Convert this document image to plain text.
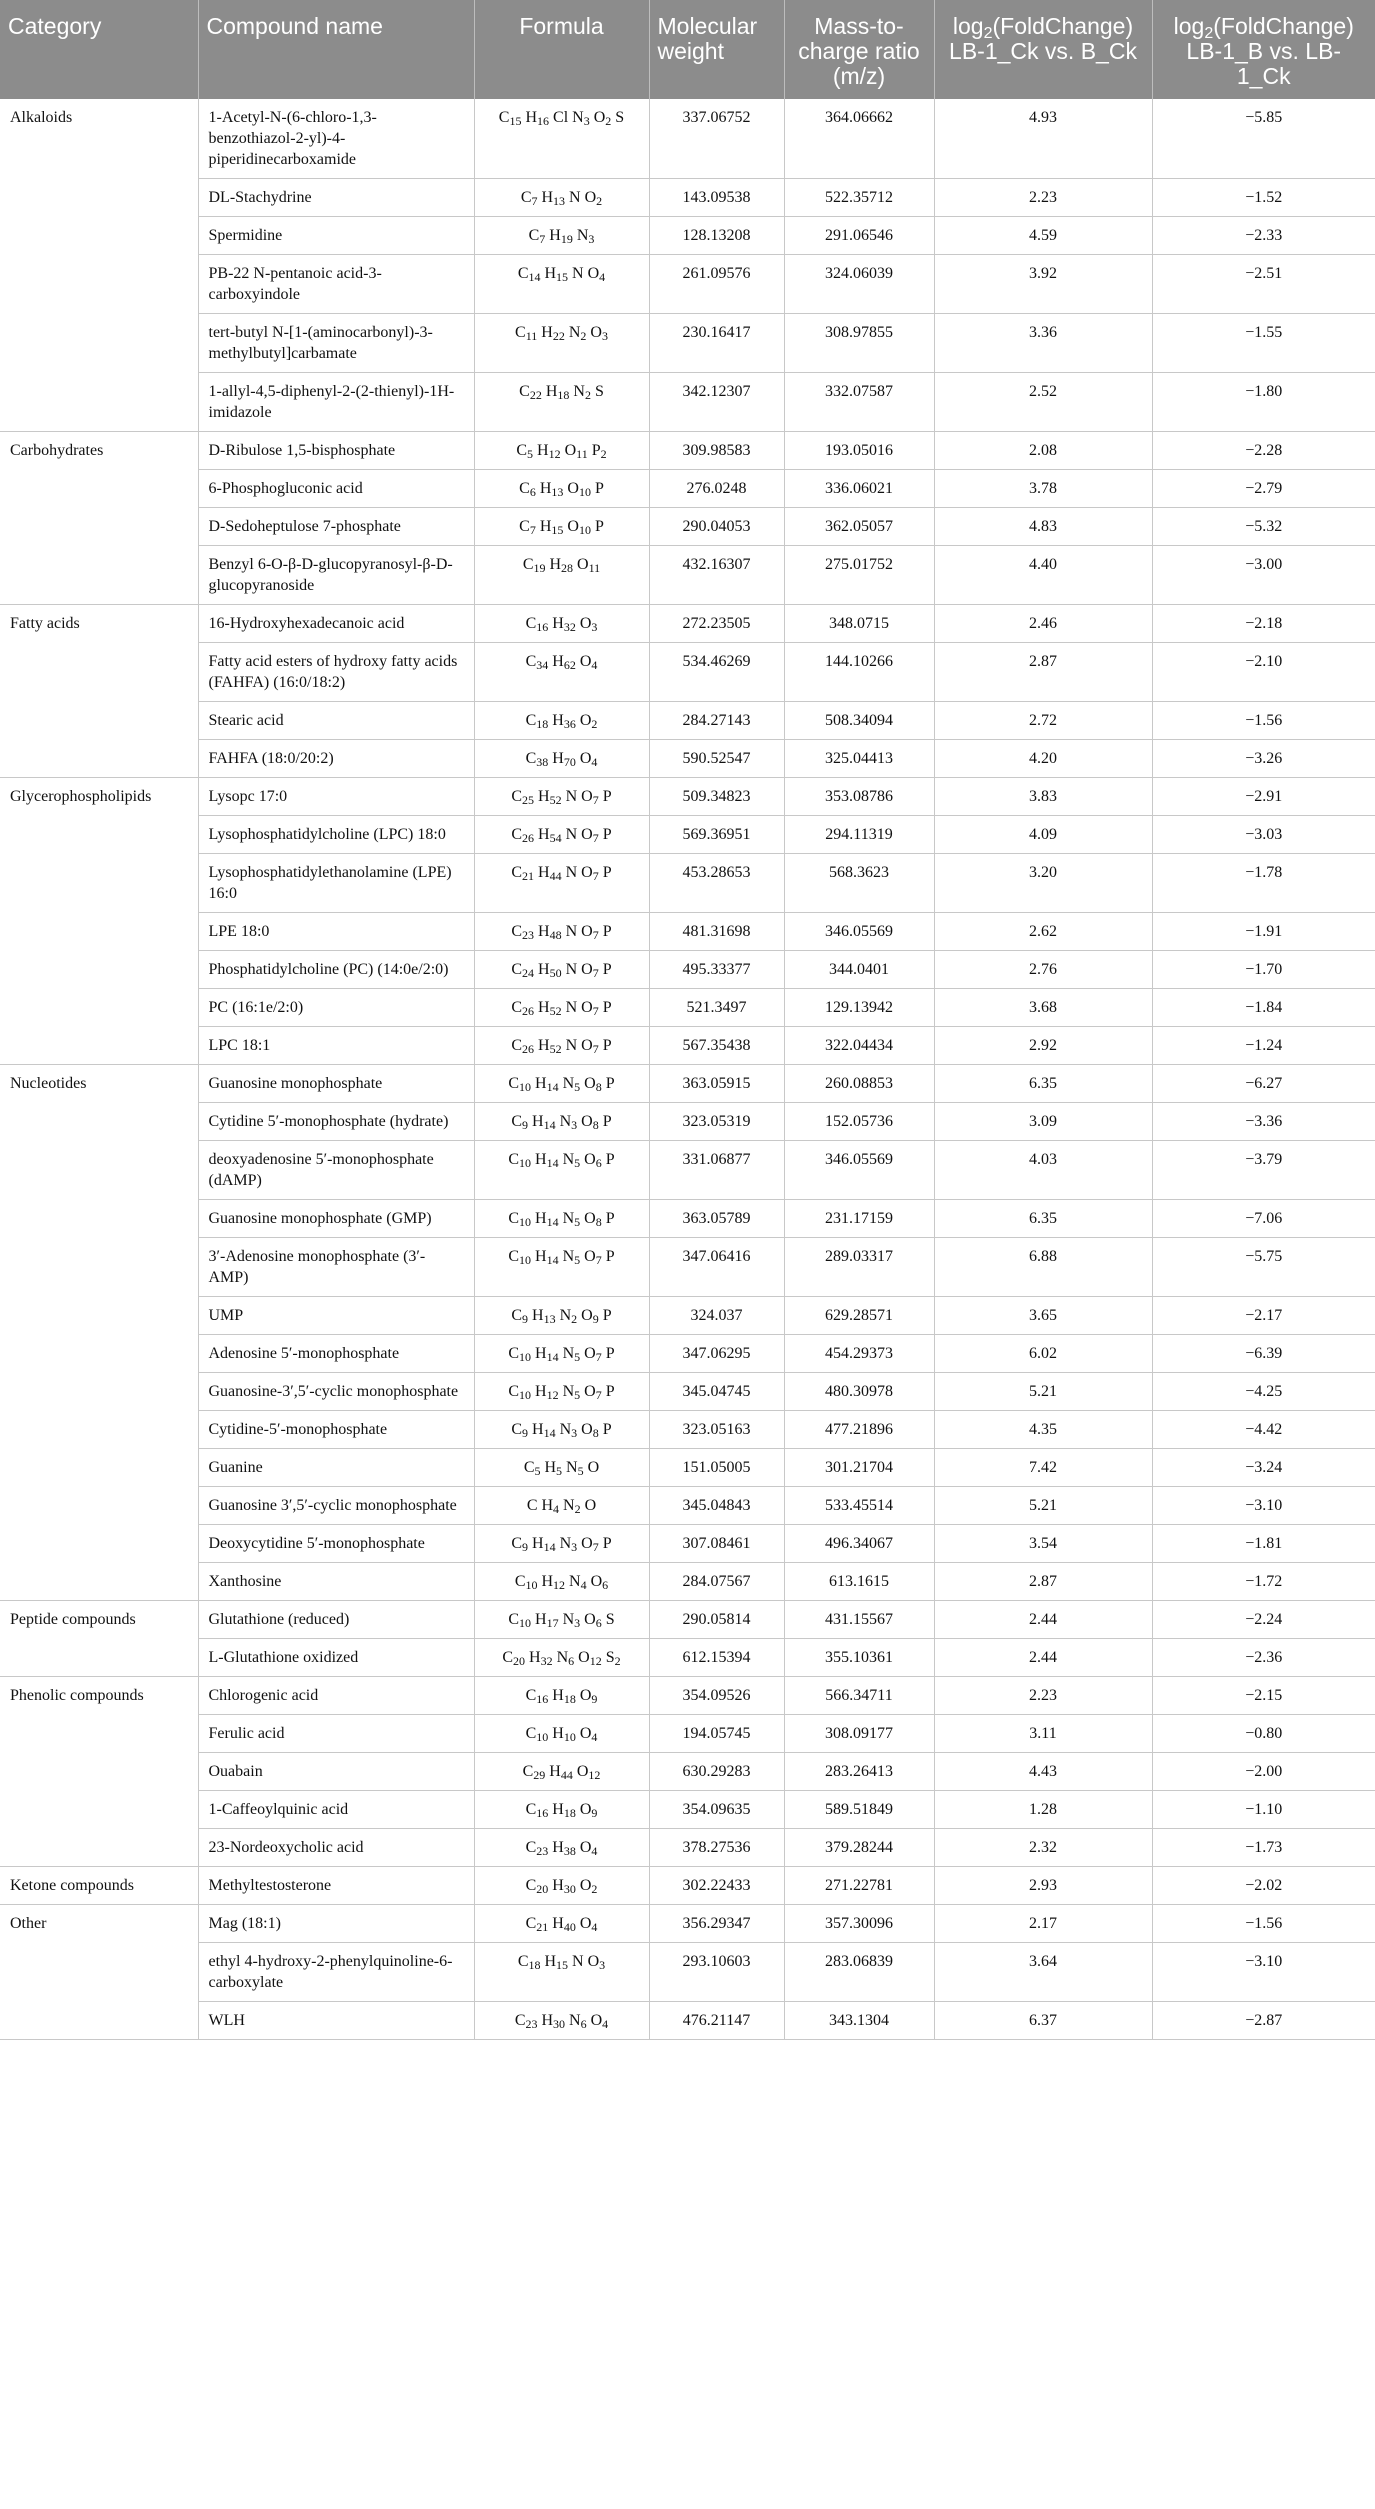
Category	Compound name	Formula	Molecular weight	Mass-to-charge ratio (m/z)	$\log_2(FoldChange)$ LB-1_Ck vs. B_Ck	$\log_2(FoldChange)$ LB-1_B vs. LB-1_Ck
Alkaloids	1-Acetyl-N-(6-chloro-1,3-benzothiazol-2-yl)-4-piperidinecarboxamide	$C_{15}$ $H_{16}$ Cl $N_3$ $O_2$ S	337.06752	364.06662	4.93	−5.85
	DL-Stachydrine	$C_7$ $H_{13}$ N $O_2$	143.09538	522.35712	2.23	−1.52
	Spermidine	$C_7$ $H_{19}$ $N_3$	128.13208	291.06546	4.59	−2.33
	PB-22 N-pentanoic acid-3-carboxyindole	$C_{14}$ $H_{15}$ N $O_4$	261.09576	324.06039	3.92	−2.51
	tert-butyl N-[1-(aminocarbonyl)-3-methylbutyl]carbamate	$C_{11}$ $H_{22}$ $N_2$ $O_3$	230.16417	308.97855	3.36	−1.55
	1-allyl-4,5-diphenyl-2-(2-thienyl)-1H-imidazole	$C_{22}$ $H_{18}$ $N_2$ S	342.12307	332.07587	2.52	−1.80
Carbohydrates	D-Ribulose 1,5-bisphosphate	$C_5$ $H_{12}$ $O_{11}$ $P_2$	309.98583	193.05016	2.08	−2.28
	6-Phosphogluconic acid	$C_6$ $H_{13}$ $O_{10}$ P	276.0248	336.06021	3.78	−2.79
	D-Sedoheptulose 7-phosphate	$C_7$ $H_{15}$ $O_{10}$ P	290.04053	362.05057	4.83	−5.32
	Benzyl 6-O-β-D-glucopyranosyl-β-D-glucopyranoside	$C_{19}$ $H_{28}$ $O_{11}$	432.16307	275.01752	4.40	−3.00
Fatty acids	16-Hydroxyhexadecanoic acid	$C_{16}$ $H_{32}$ $O_3$	272.23505	348.0715	2.46	−2.18
	Fatty acid esters of hydroxy fatty acids (FAHFA) (16:0/18:2)	$C_{34}$ $H_{62}$ $O_4$	534.46269	144.10266	2.87	−2.10
	Stearic acid	$C_{18}$ $H_{36}$ $O_2$	284.27143	508.34094	2.72	−1.56
	FAHFA (18:0/20:2)	$C_{38}$ $H_{70}$ $O_4$	590.52547	325.04413	4.20	−3.26
Glycerophospholipids	Lysopc 17:0	$C_{25}$ $H_{52}$ N $O_7$ P	509.34823	353.08786	3.83	−2.91
	Lysophosphatidylcholine (LPC) 18:0	$C_{26}$ $H_{54}$ N $O_7$ P	569.36951	294.11319	4.09	−3.03
	Lysophosphatidylethanolamine (LPE) 16:0	$C_{21}$ $H_{44}$ N $O_7$ P	453.28653	568.3623	3.20	−1.78
	LPE 18:0	$C_{23}$ $H_{48}$ N $O_7$ P	481.31698	346.05569	2.62	−1.91
	Phosphatidylcholine (PC) (14:0e/2:0)	$C_{24}$ $H_{50}$ N $O_7$ P	495.33377	344.0401	2.76	−1.70
	PC (16:1e/2:0)	$C_{26}$ $H_{52}$ N $O_7$ P	521.3497	129.13942	3.68	−1.84
	LPC 18:1	$C_{26}$ $H_{52}$ N $O_7$ P	567.35438	322.04434	2.92	−1.24
Nucleotides	Guanosine monophosphate	$C_{10}$ $H_{14}$ $N_5$ $O_8$ P	363.05915	260.08853	6.35	−6.27
	Cytidine 5′-monophosphate (hydrate)	$C_9$ $H_{14}$ $N_3$ $O_8$ P	323.05319	152.05736	3.09	−3.36
	deoxyadenosine 5′-monophosphate (dAMP)	$C_{10}$ $H_{14}$ $N_5$ $O_6$ P	331.06877	346.05569	4.03	−3.79
	Guanosine monophosphate (GMP)	$C_{10}$ $H_{14}$ $N_5$ $O_8$ P	363.05789	231.17159	6.35	−7.06
	3′-Adenosine monophosphate (3′-AMP)	$C_{10}$ $H_{14}$ $N_5$ $O_7$ P	347.06416	289.03317	6.88	−5.75
	UMP	$C_9$ $H_{13}$ $N_2$ $O_9$ P	324.037	629.28571	3.65	−2.17
	Adenosine 5′-monophosphate	$C_{10}$ $H_{14}$ $N_5$ $O_7$ P	347.06295	454.29373	6.02	−6.39
	Guanosine-3′,5′-cyclic monophosphate	$C_{10}$ $H_{12}$ $N_5$ $O_7$ P	345.04745	480.30978	5.21	−4.25
	Cytidine-5′-monophosphate	$C_9$ $H_{14}$ $N_3$ $O_8$ P	323.05163	477.21896	4.35	−4.42
	Guanine	$C_5$ $H_5$ $N_5$ O	151.05005	301.21704	7.42	−3.24
	Guanosine 3′,5′-cyclic monophosphate	C $H_4$ $N_2$ O	345.04843	533.45514	5.21	−3.10
	Deoxycytidine 5′-monophosphate	$C_9$ $H_{14}$ $N_3$ $O_7$ P	307.08461	496.34067	3.54	−1.81
	Xanthosine	$C_{10}$ $H_{12}$ $N_4$ $O_6$	284.07567	613.1615	2.87	−1.72
Peptide compounds	Glutathione (reduced)	$C_{10}$ $H_{17}$ $N_3$ $O_6$ S	290.05814	431.15567	2.44	−2.24
	L-Glutathione oxidized	$C_{20}$ $H_{32}$ $N_6$ $O_{12}$ $S_2$	612.15394	355.10361	2.44	−2.36
Phenolic compounds	Chlorogenic acid	$C_{16}$ $H_{18}$ $O_9$	354.09526	566.34711	2.23	−2.15
	Ferulic acid	$C_{10}$ $H_{10}$ $O_4$	194.05745	308.09177	3.11	−0.80
	Ouabain	$C_{29}$ $H_{44}$ $O_{12}$	630.29283	283.26413	4.43	−2.00
	1-Caffeoylquinic acid	$C_{16}$ $H_{18}$ $O_9$	354.09635	589.51849	1.28	−1.10
	23-Nordeoxycholic acid	$C_{23}$ $H_{38}$ $O_4$	378.27536	379.28244	2.32	−1.73
Ketone compounds	Methyltestosterone	$C_{20}$ $H_{30}$ $O_2$	302.22433	271.22781	2.93	−2.02
Other	Mag (18:1)	$C_{21}$ $H_{40}$ $O_4$	356.29347	357.30096	2.17	−1.56
	ethyl 4-hydroxy-2-phenylquinoline-6-carboxylate	$C_{18}$ $H_{15}$ N $O_3$	293.10603	283.06839	3.64	−3.10
	WLH	$C_{23}$ $H_{30}$ $N_6$ $O_4$	476.21147	343.1304	6.37	−2.87
